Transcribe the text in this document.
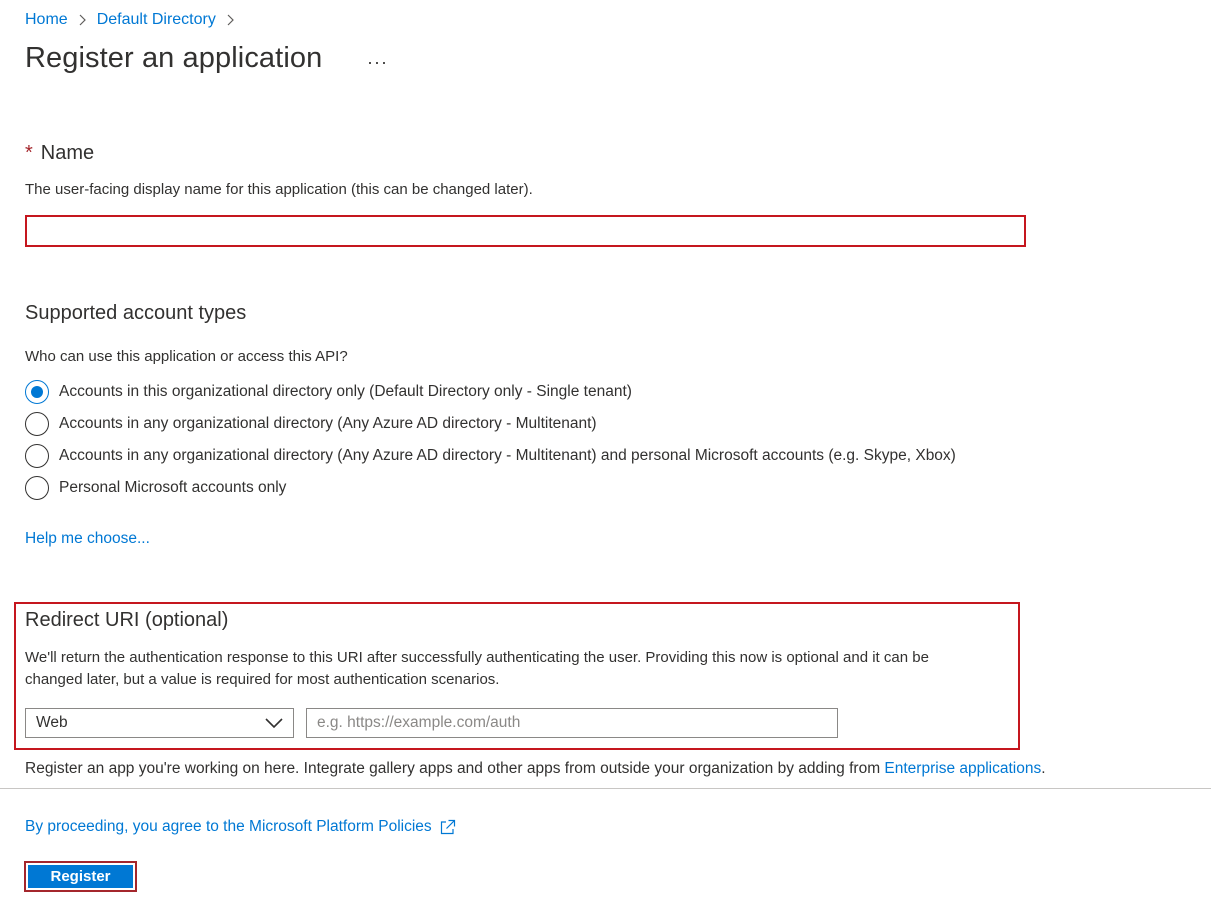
Home Default Directory
Register an application ···
* Name
The user-facing display name for this application (this can be changed later).
Supported account types
Who can use this application or access this API?
Accounts in this organizational directory only (Default Directory only - Single tenant)
Accounts in any organizational directory (Any Azure AD directory - Multitenant)
Accounts in any organizational directory (Any Azure AD directory - Multitenant) and personal Microsoft accounts (e.g. Skype, Xbox)
Personal Microsoft accounts only
Help me choose...
Redirect URI (optional)
We'll return the authentication response to this URI after successfully authenticating the user. Providing this now is optional and it can be
changed later, but a value is required for most authentication scenarios.
Web
e.g. https://example.com/auth
Register an app you're working on here. Integrate gallery apps and other apps from outside your organization by adding from Enterprise applications.
By proceeding, you agree to the Microsoft Platform Policies
Register
